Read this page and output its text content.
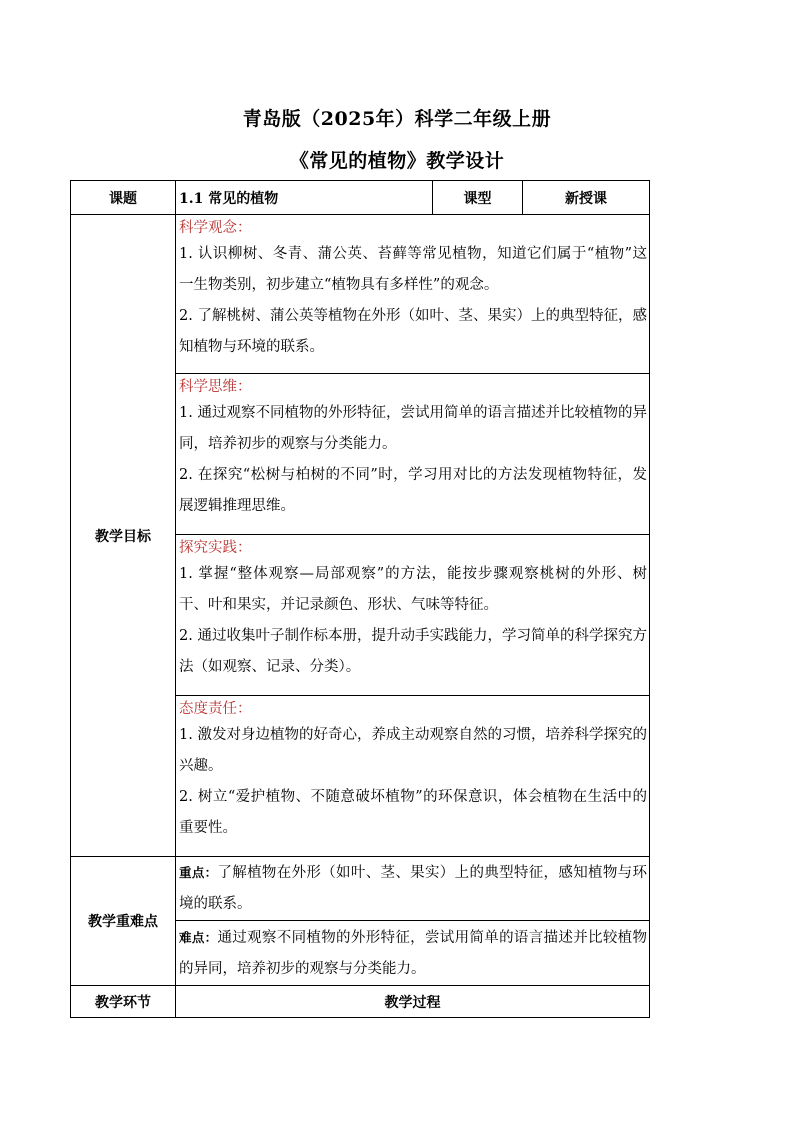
青岛版（2025年）科学二年级上册
《常见的植物》教学设计
课题	1.1 常见的植物	课型	新授课
教学目标	科学观念：
1. 认识柳树、冬青、蒲公英、苔藓等常见植物，知道它们属于“植物”这一生物类别，初步建立“植物具有多样性”的观念。
2. 了解桃树、蒲公英等植物在外形（如叶、茎、果实）上的典型特征，感知植物与环境的联系。		

	科学思维：
1. 通过观察不同植物的外形特征，尝试用简单的语言描述并比较植物的异同，培养初步的观察与分类能力。
2. 在探究“松树与柏树的不同”时，学习用对比的方法发现植物特征，发展逻辑推理思维。		

	探究实践：
1. 掌握“整体观察—局部观察”的方法，能按步骤观察桃树的外形、树干、叶和果实，并记录颜色、形状、气味等特征。
2. 通过收集叶子制作标本册，提升动手实践能力，学习简单的科学探究方法（如观察、记录、分类）。		

	态度责任：
1. 激发对身边植物的好奇心，养成主动观察自然的习惯，培养科学探究的兴趣。
2. 树立“爱护植物、不随意破坏植物”的环保意识，体会植物在生活中的重要性。		

教学重难点	重点：了解植物在外形（如叶、茎、果实）上的典型特征，感知植物与环境的联系。		

	难点：通过观察不同植物的外形特征，尝试用简单的语言描述并比较植物的异同，培养初步的观察与分类能力。		

教学环节	教学过程		
